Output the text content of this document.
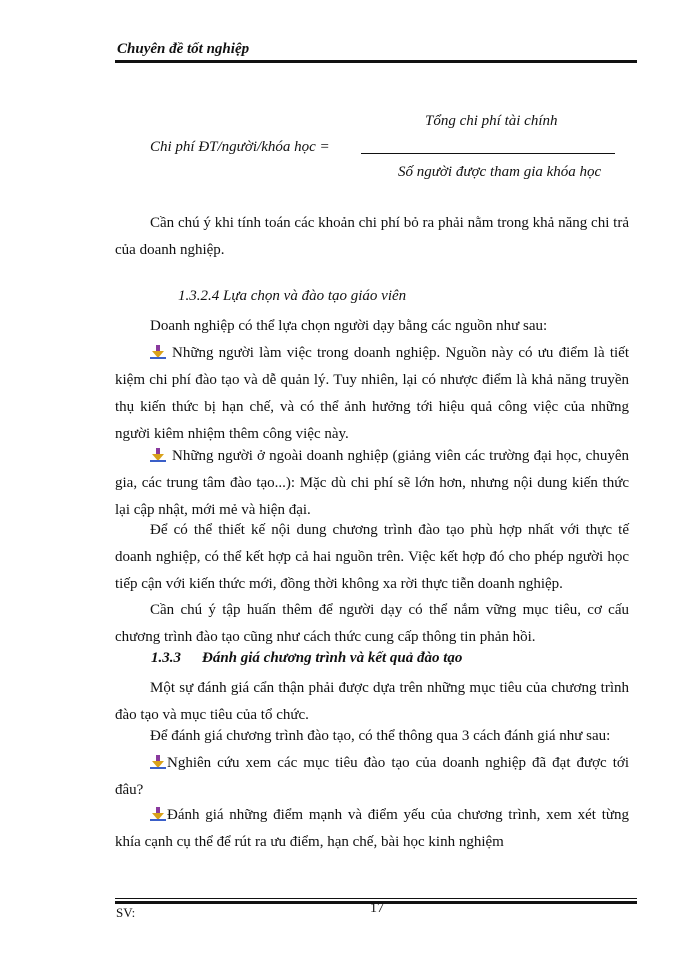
Chuyên đề tốt nghiệp
Tổng chi phí tài chính
Chi phí ĐT/người/khóa học =
Số người được tham gia khóa học
Cần chú ý khi tính toán các khoản chi phí bỏ ra phải nằm trong khả năng chi trả của doanh nghiệp.
1.3.2.4 Lựa chọn và đào tạo giáo viên
Doanh nghiệp có thể lựa chọn người dạy bằng các nguồn như sau:
Những người làm việc trong doanh nghiệp. Nguồn này có ưu điểm là tiết kiệm chi phí đào tạo và dễ quản lý. Tuy nhiên, lại có nhược điểm là khả năng truyền thụ kiến thức bị hạn chế, và có thể ảnh hưởng tới hiệu quả công việc của những người kiêm nhiệm thêm công việc này.
Những người ở ngoài doanh nghiệp (giảng viên các trường đại học, chuyên gia, các trung tâm đào tạo...): Mặc dù chi phí sẽ lớn hơn, nhưng nội dung kiến thức lại cập nhật, mới mẻ và hiện đại.
Để có thể thiết kế nội dung chương trình đào tạo phù hợp nhất với thực tế doanh nghiệp, có thể kết hợp cả hai nguồn trên. Việc kết hợp đó cho phép người học tiếp cận với kiến thức mới, đồng thời không xa rời thực tiễn doanh nghiệp.
Cần chú ý tập huấn thêm để người dạy có thể nắm vững mục tiêu, cơ cấu chương trình đào tạo cũng như cách thức cung cấp thông tin phản hồi.
1.3.3 Đánh giá chương trình và kết quả đào tạo
Một sự đánh giá cẩn thận phải được dựa trên những mục tiêu của chương trình đào tạo và mục tiêu của tổ chức.
Để đánh giá chương trình đào tạo, có thể thông qua 3 cách đánh giá như sau:
Nghiên cứu xem các mục tiêu đào tạo của doanh nghiệp đã đạt được tới đâu?
Đánh giá những điểm mạnh và điểm yếu của chương trình, xem xét từng khía cạnh cụ thể để rút ra ưu điểm, hạn chế, bài học kinh nghiệm
SV:	17
